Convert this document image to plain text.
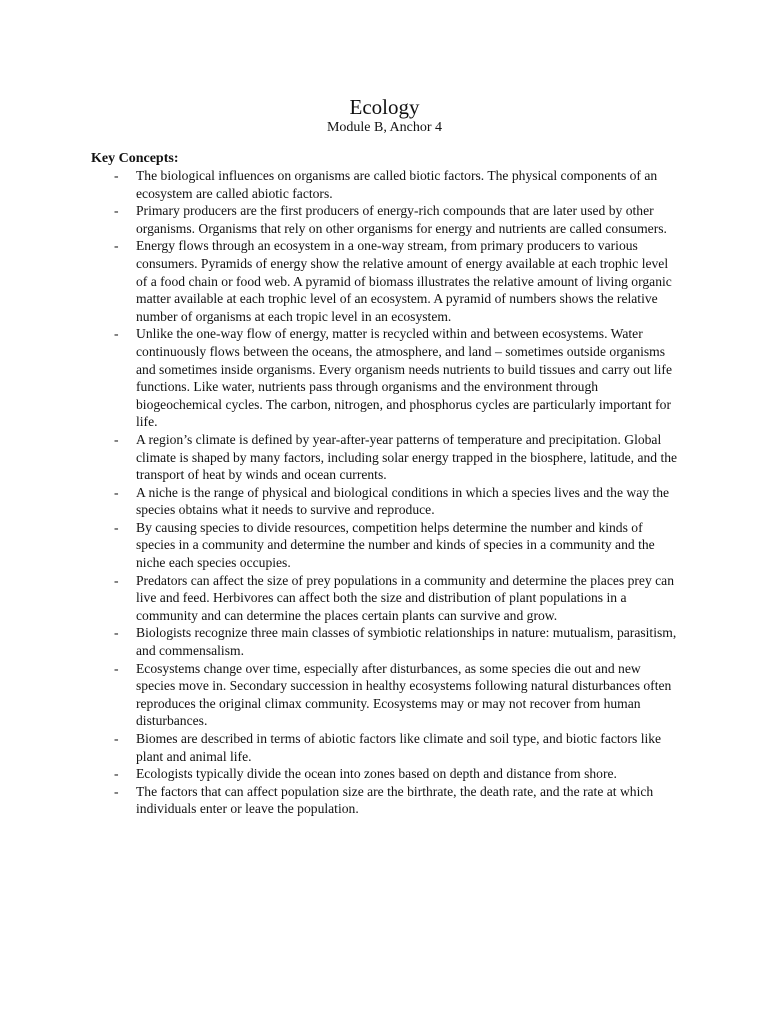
Ecology
Module B, Anchor 4
Key Concepts:
- The biological influences on organisms are called biotic factors. The physical components of an ecosystem are called abiotic factors.
- Primary producers are the first producers of energy-rich compounds that are later used by other organisms. Organisms that rely on other organisms for energy and nutrients are called consumers.
- Energy flows through an ecosystem in a one-way stream, from primary producers to various consumers. Pyramids of energy show the relative amount of energy available at each trophic level of a food chain or food web. A pyramid of biomass illustrates the relative amount of living organic matter available at each trophic level of an ecosystem. A pyramid of numbers shows the relative number of organisms at each tropic level in an ecosystem.
- Unlike the one-way flow of energy, matter is recycled within and between ecosystems. Water continuously flows between the oceans, the atmosphere, and land – sometimes outside organisms and sometimes inside organisms. Every organism needs nutrients to build tissues and carry out life functions. Like water, nutrients pass through organisms and the environment through biogeochemical cycles. The carbon, nitrogen, and phosphorus cycles are particularly important for life.
- A region’s climate is defined by year-after-year patterns of temperature and precipitation. Global climate is shaped by many factors, including solar energy trapped in the biosphere, latitude, and the transport of heat by winds and ocean currents.
- A niche is the range of physical and biological conditions in which a species lives and the way the species obtains what it needs to survive and reproduce.
- By causing species to divide resources, competition helps determine the number and kinds of species in a community and determine the number and kinds of species in a community and the niche each species occupies.
- Predators can affect the size of prey populations in a community and determine the places prey can live and feed. Herbivores can affect both the size and distribution of plant populations in a community and can determine the places certain plants can survive and grow.
- Biologists recognize three main classes of symbiotic relationships in nature: mutualism, parasitism, and commensalism.
- Ecosystems change over time, especially after disturbances, as some species die out and new species move in. Secondary succession in healthy ecosystems following natural disturbances often reproduces the original climax community. Ecosystems may or may not recover from human disturbances.
- Biomes are described in terms of abiotic factors like climate and soil type, and biotic factors like plant and animal life.
- Ecologists typically divide the ocean into zones based on depth and distance from shore.
- The factors that can affect population size are the birthrate, the death rate, and the rate at which individuals enter or leave the population.
